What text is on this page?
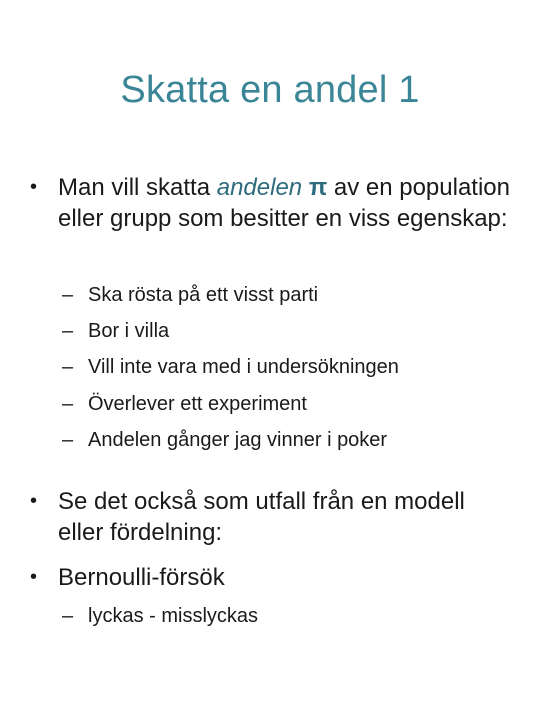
Skatta en andel 1
• Man vill skatta andelen π av en population eller grupp som besitter en viss egenskap:
– Ska rösta på ett visst parti
– Bor i villa
– Vill inte vara med i undersökningen
– Överlever ett experiment
– Andelen gånger jag vinner i poker
• Se det också som utfall från en modell eller fördelning:
• Bernoulli-försök
– lyckas - misslyckas
